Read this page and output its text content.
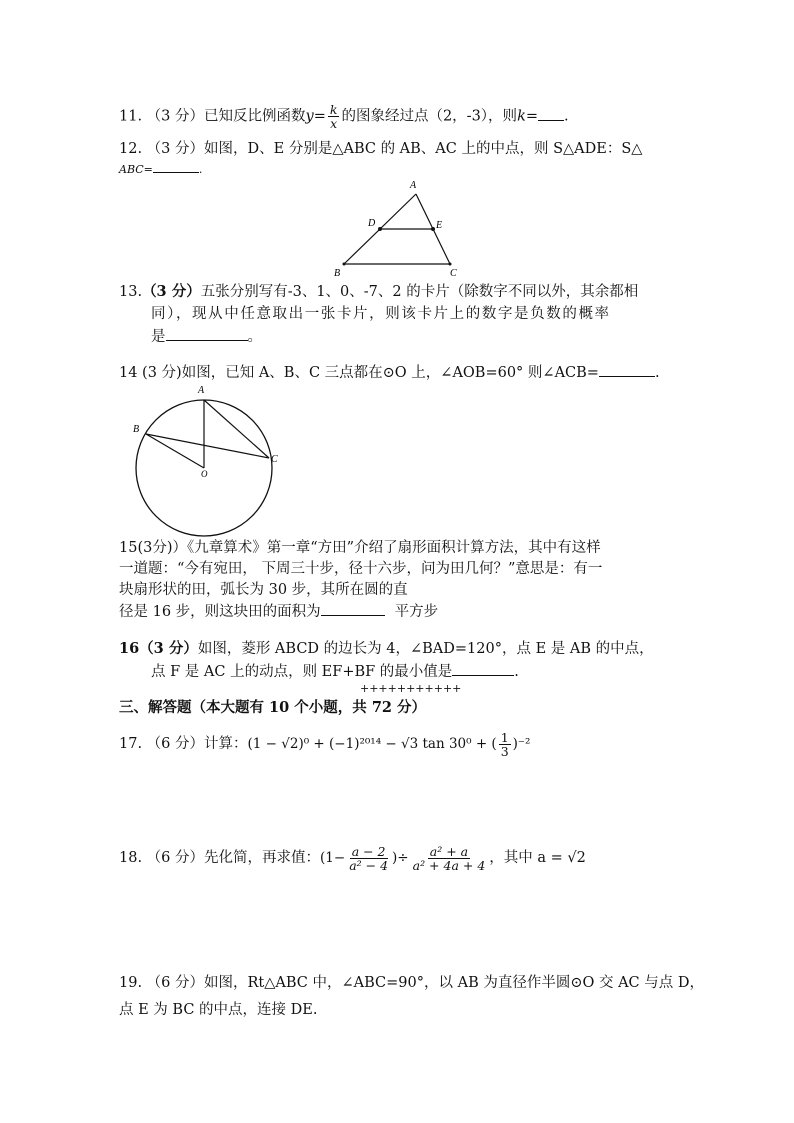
11. （3 分）已知反比例函数$y= \frac{k}{x}$ 的图象经过点（2，-3），则k= .
12. （3 分）如图，D、E 分别是△ABC 的 AB、AC 上的中点，则 S△ADE：S△
ABC=	.
A
D	E
B	C
13.（3 分）五张分别写有-3、1、0、-7、2 的卡片（除数字不同以外，其余都相
同），现从中任意取出一张卡片，则该卡片上的数字是负数的概率
是	。
14 (3 分)如图，已知 A、B、C 三点都在⊙O 上，∠AOB=60° 则∠ACB=	.
A
B
C
O
15(3分)）《九章算术》第一章“方田”介绍了扇形面积计算方法，其中有这样
一道题：“今有宛田， 下周三十步，径十六步，问为田几何？”意思是：有一
块扇形状的田，弧长为 30 步，其所在圆的直
径是 16 步，则这块田的面积为	平方步
16（3 分）如图，菱形 ABCD 的边长为 4，∠BAD=120°，点 E 是 AB 的中点，
点 F 是 AC 上的动点，则 EF+BF 的最小值是	.
+++++++++++
三、解答题（本大题有 10 个小题，共 72 分）
17. （6 分）计算： (1 − √2)⁰ + (−1)²⁰¹⁴ − √3 tan 30⁰ + ( $\frac{1}{3} )^{-2}$
18. （6 分）先化简，再求值： ($1- \frac{a - 2}{\text{a² − 4}}$ )÷ $\frac{\text{a² + a}}{\text{a² + 4a + 4}}$ ，其中 a = √2
19. （6 分）如图，Rt△ABC 中，∠ABC=90°，以 AB 为直径作半圆⊙O 交 AC 与点 D，
点 E 为 BC 的中点，连接 DE.
